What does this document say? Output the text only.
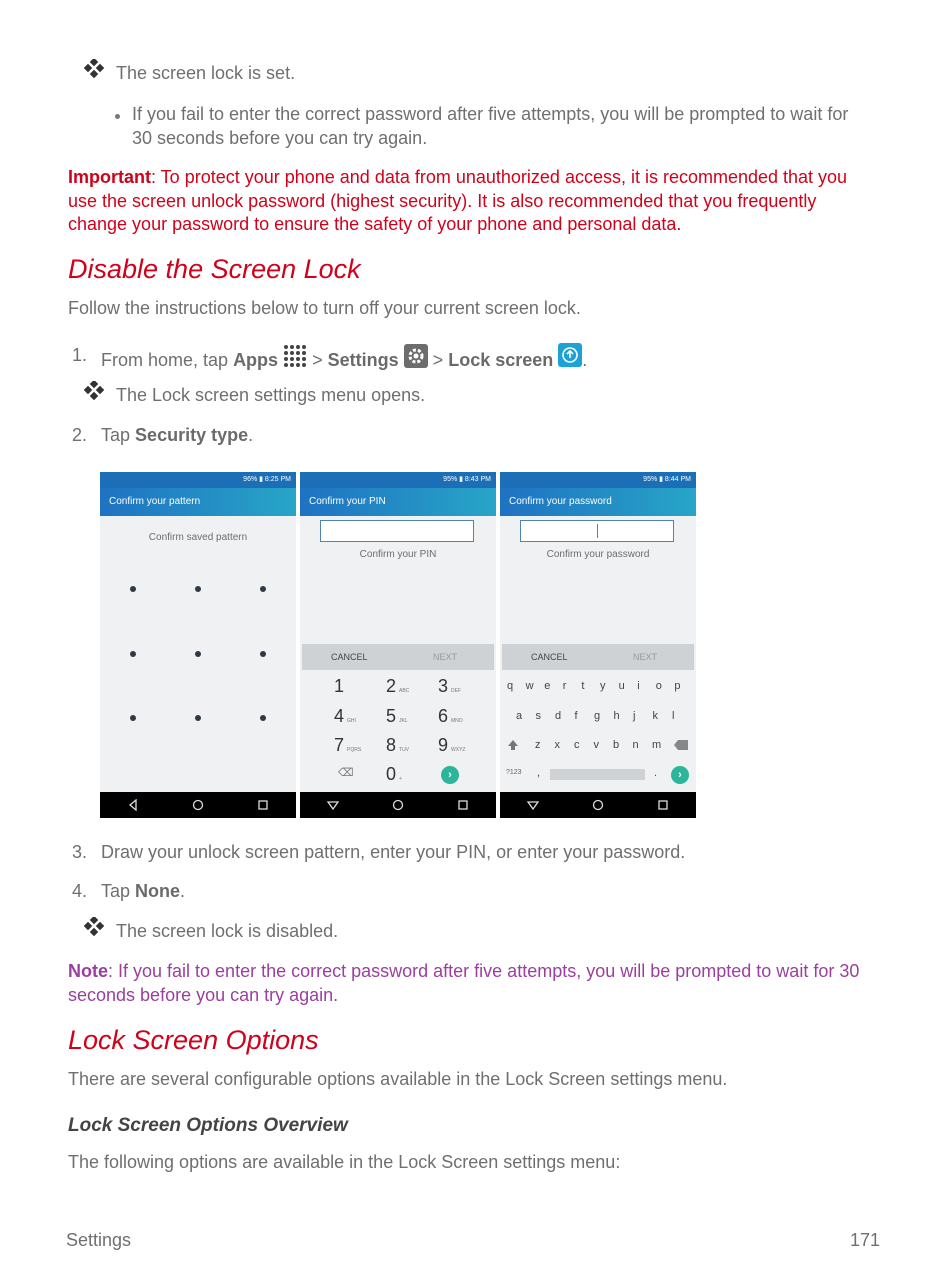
The screen lock is set.
If you fail to enter the correct password after five attempts, you will be prompted to wait for
30 seconds before you can try again.
Important: To protect your phone and data from unauthorized access, it is recommended that you
use the screen unlock password (highest security). It is also recommended that you frequently
change your password to ensure the safety of your phone and personal data.
Disable the Screen Lock
Follow the instructions below to turn off your current screen lock.
1. From home, tap Apps > Settings > Lock screen .
The Lock screen settings menu opens.
2. Tap Security type.
96% ▮ 8:25 PM
Confirm your pattern
Confirm saved pattern
95% ▮ 8:43 PM
Confirm your PIN
Confirm your PIN
CANCEL	NEXT
1 2 ABC 3 DEF
4 GHI 5 JKL 6 MNO
7 PQRS 8 TUV 9 WXYZ
⌫ 0 +	›
95% ▮ 8:44 PM
Confirm your password
Confirm your password
CANCEL	NEXT
q w e r t y u i o p
a s d f g h j k l
z x c v b n m
?123 ,	.	›
3. Draw your unlock screen pattern, enter your PIN, or enter your password.
4. Tap None.
The screen lock is disabled.
Note: If you fail to enter the correct password after five attempts, you will be prompted to wait for 30
seconds before you can try again.
Lock Screen Options
There are several configurable options available in the Lock Screen settings menu.
Lock Screen Options Overview
The following options are available in the Lock Screen settings menu:
Settings	171
